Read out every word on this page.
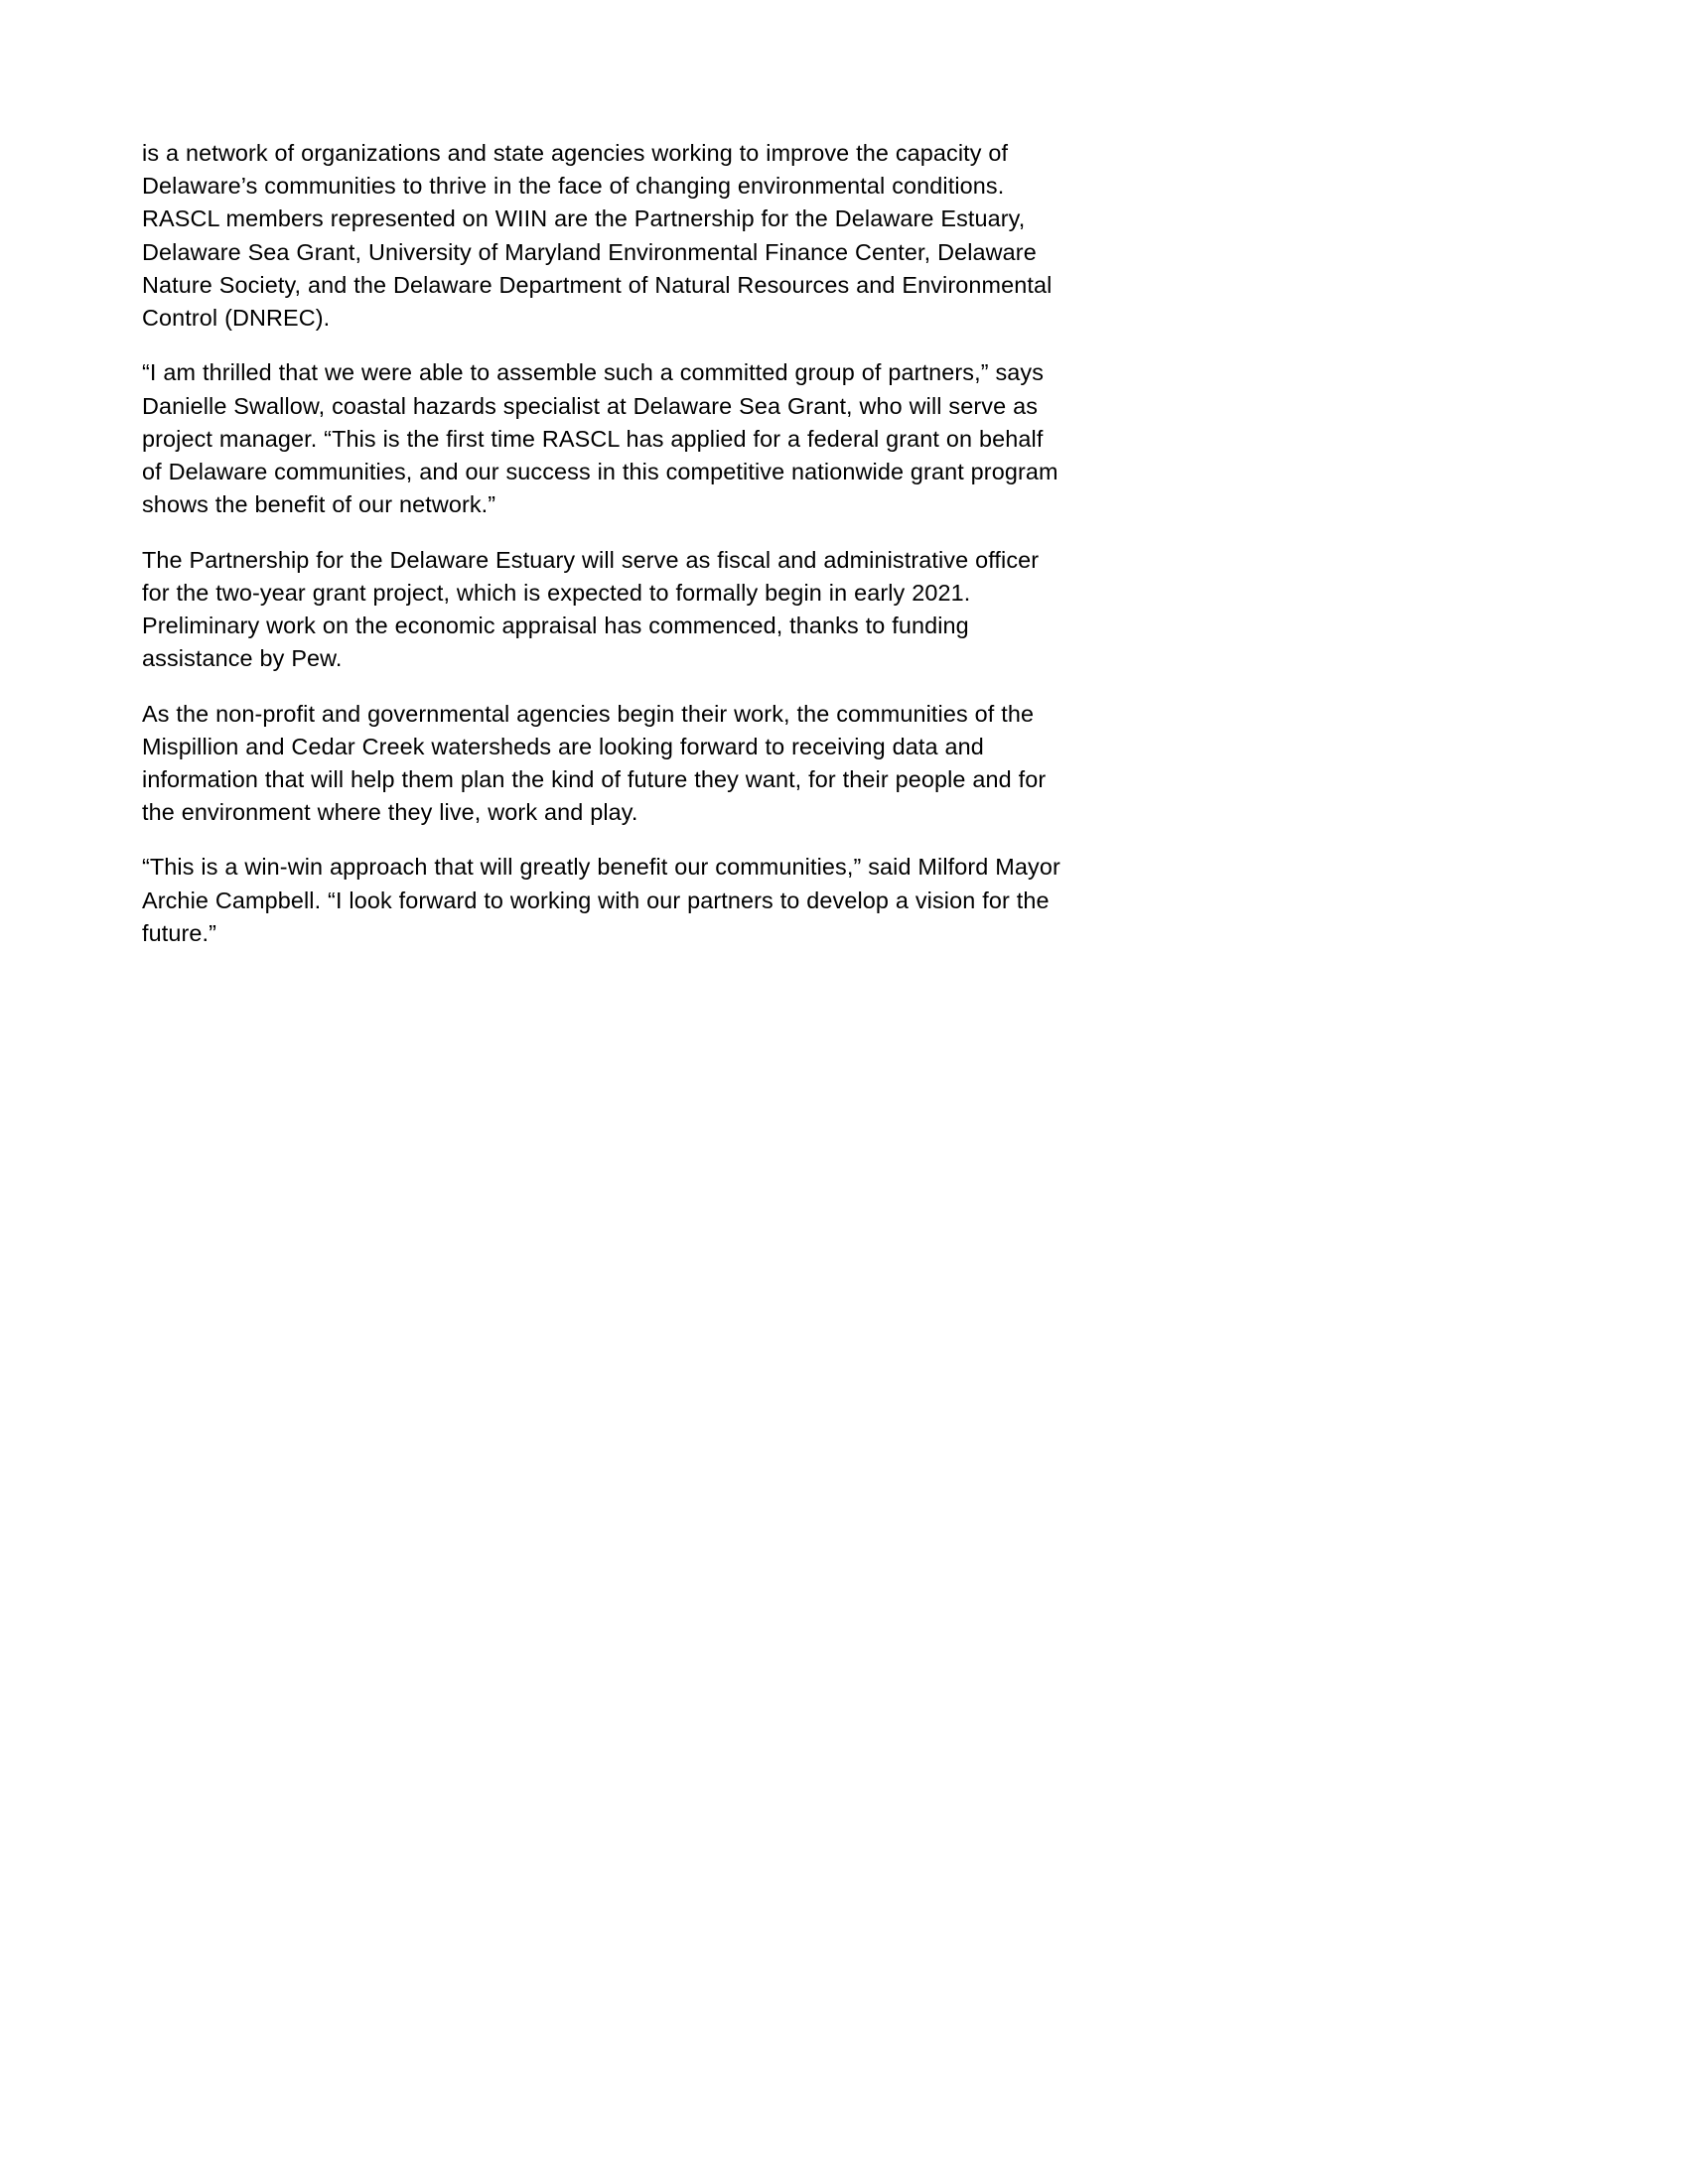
is a network of organizations and state agencies working to improve the capacity of Delaware’s communities to thrive in the face of changing environmental conditions. RASCL members represented on WIIN are the Partnership for the Delaware Estuary, Delaware Sea Grant, University of Maryland Environmental Finance Center, Delaware Nature Society, and the Delaware Department of Natural Resources and Environmental Control (DNREC).

“I am thrilled that we were able to assemble such a committed group of partners,” says Danielle Swallow, coastal hazards specialist at Delaware Sea Grant, who will serve as project manager. “This is the first time RASCL has applied for a federal grant on behalf of Delaware communities, and our success in this competitive nationwide grant program shows the benefit of our network.”

The Partnership for the Delaware Estuary will serve as fiscal and administrative officer for the two-year grant project, which is expected to formally begin in early 2021. Preliminary work on the economic appraisal has commenced, thanks to funding assistance by Pew.

As the non-profit and governmental agencies begin their work, the communities of the Mispillion and Cedar Creek watersheds are looking forward to receiving data and information that will help them plan the kind of future they want, for their people and for the environment where they live, work and play.

“This is a win-win approach that will greatly benefit our communities,” said Milford Mayor Archie Campbell. “I look forward to working with our partners to develop a vision for the future.”
